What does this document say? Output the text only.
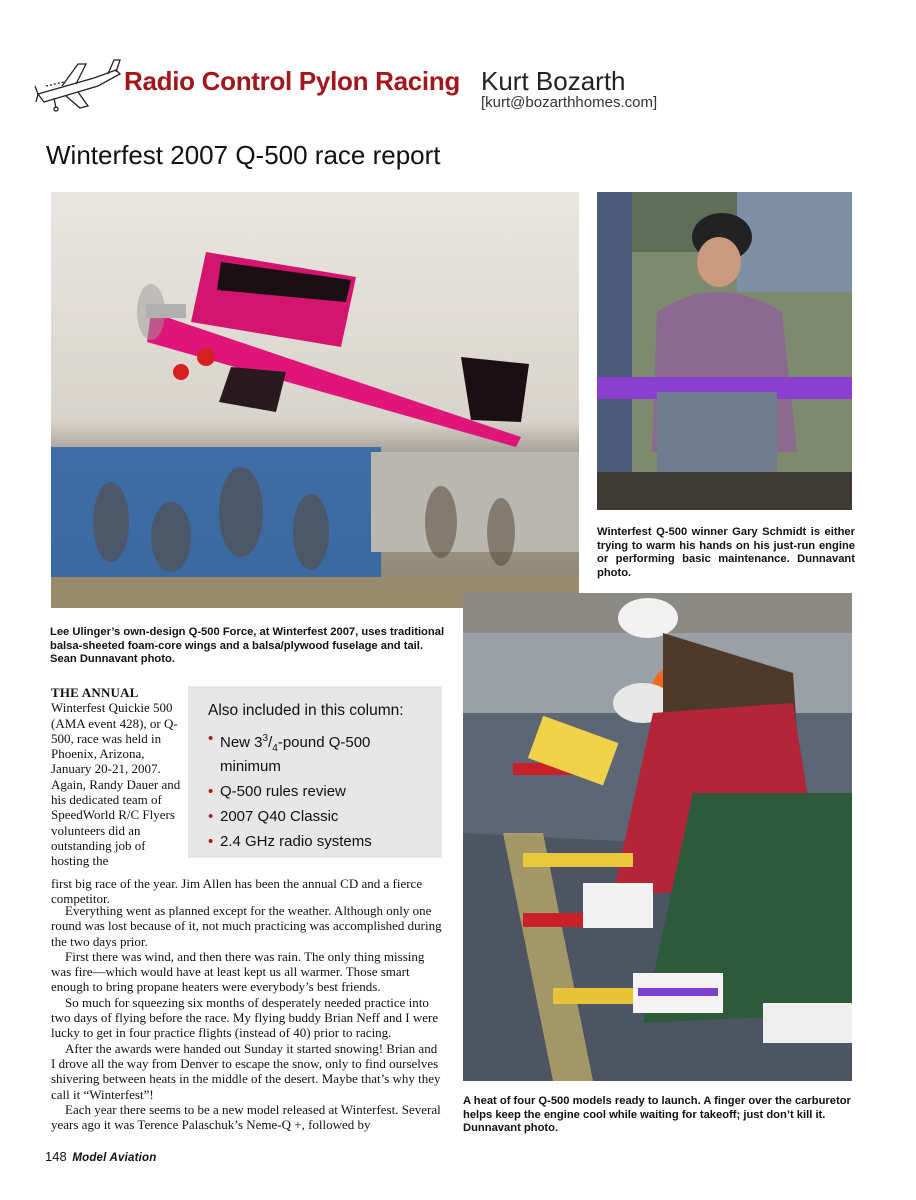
Radio Control Pylon Racing Kurt Bozarth
[kurt@bozarthhomes.com]
Winterfest 2007 Q-500 race report
Winterfest Q-500 winner Gary Schmidt is either trying to warm his hands on his just-run engine or performing basic maintenance. Dunnavant photo.
Lee Ulinger’s own-design Q-500 Force, at Winterfest 2007, uses traditional balsa-sheeted foam-core wings and a balsa/plywood fuselage and tail. Sean Dunnavant photo.
A heat of four Q-500 models ready to launch. A finger over the carburetor helps keep the engine cool while waiting for takeoff; just don’t kill it. Dunnavant photo.
Also included in this column:
• New $3^3/_4$-pound Q-500 minimum
• Q-500 rules review
• 2007 Q40 Classic
• 2.4 GHz radio systems
THE ANNUAL
Winterfest Quickie 500 (AMA event 428), or Q-500, race was held in Phoenix, Arizona, January 20-21, 2007. Again, Randy Dauer and his dedicated team of SpeedWorld R/C Flyers volunteers did an outstanding job of hosting the
first big race of the year. Jim Allen has been the annual CD and a fierce competitor.

Everything went as planned except for the weather. Although only one round was lost because of it, not much practicing was accomplished during the two days prior.

First there was wind, and then there was rain. The only thing missing was fire—which would have at least kept us all warmer. Those smart enough to bring propane heaters were everybody’s best friends.

So much for squeezing six months of desperately needed practice into two days of flying before the race. My flying buddy Brian Neff and I were lucky to get in four practice flights (instead of 40) prior to racing.

After the awards were handed out Sunday it started snowing! Brian and I drove all the way from Denver to escape the snow, only to find ourselves shivering between heats in the middle of the desert. Maybe that’s why they call it “Winterfest”!

Each year there seems to be a new model released at Winterfest. Several years ago it was Terence Palaschuk’s Neme-Q +, followed by

148 Model Aviation
